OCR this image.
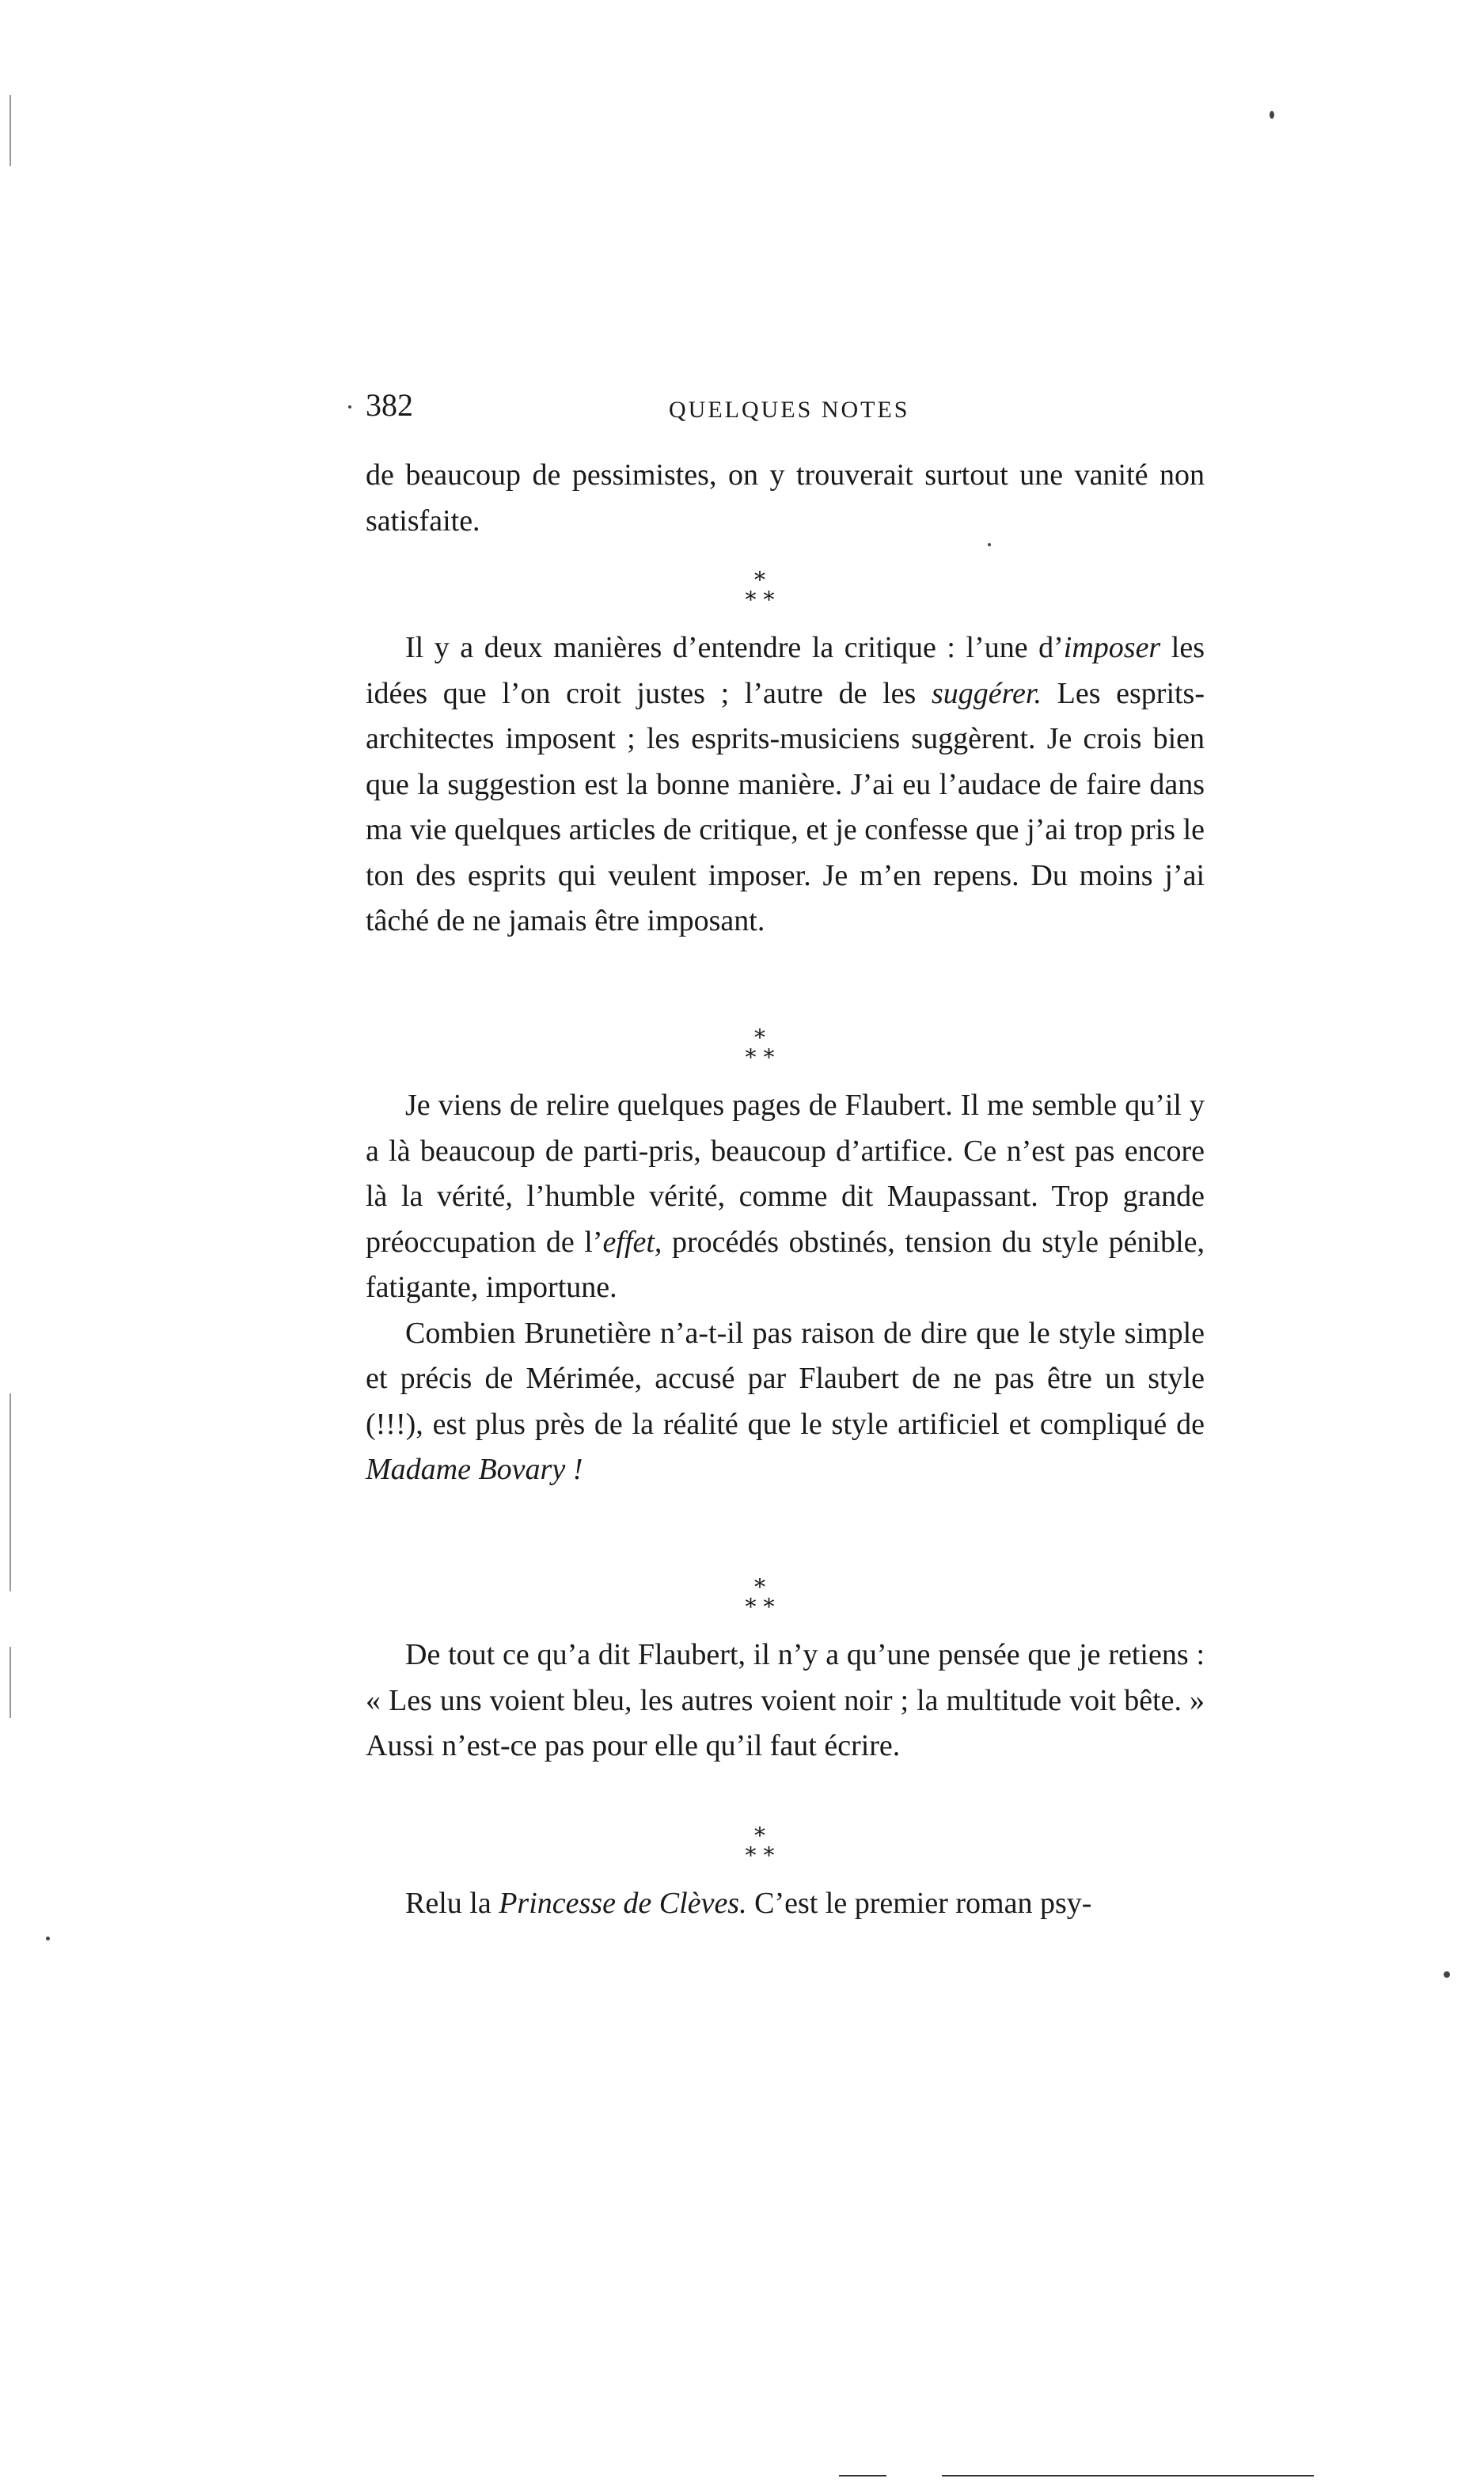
382	QUELQUES NOTES

de beaucoup de pessimistes, on y trouverait surtout une vanité non satisfaite.

*
* *

Il y a deux manières d’entendre la critique : l’une d’imposer les idées que l’on croit justes ; l’autre de les suggérer. Les esprits-architectes imposent ; les esprits-musiciens suggèrent. Je crois bien que la suggestion est la bonne manière. J’ai eu l’audace de faire dans ma vie quelques articles de critique, et je confesse que j’ai trop pris le ton des esprits qui veulent imposer. Je m’en repens. Du moins j’ai tâché de ne jamais être imposant.

*
* *

Je viens de relire quelques pages de Flaubert. Il me semble qu’il y a là beaucoup de parti-pris, beaucoup d’artifice. Ce n’est pas encore là la vérité, l’humble vérité, comme dit Maupassant. Trop grande préoccupation de l’effet, procédés obstinés, tension du style pénible, fatigante, importune.

Combien Brunetière n’a-t-il pas raison de dire que le style simple et précis de Mérimée, accusé par Flaubert de ne pas être un style (!!!), est plus près de la réalité que le style artificiel et compliqué de Madame Bovary !

*
* *

De tout ce qu’a dit Flaubert, il n’y a qu’une pensée que je retiens : « Les uns voient bleu, les autres voient noir ; la multitude voit bête. » Aussi n’est-ce pas pour elle qu’il faut écrire.

*
* *

Relu la Princesse de Clèves. C’est le premier roman psy-
